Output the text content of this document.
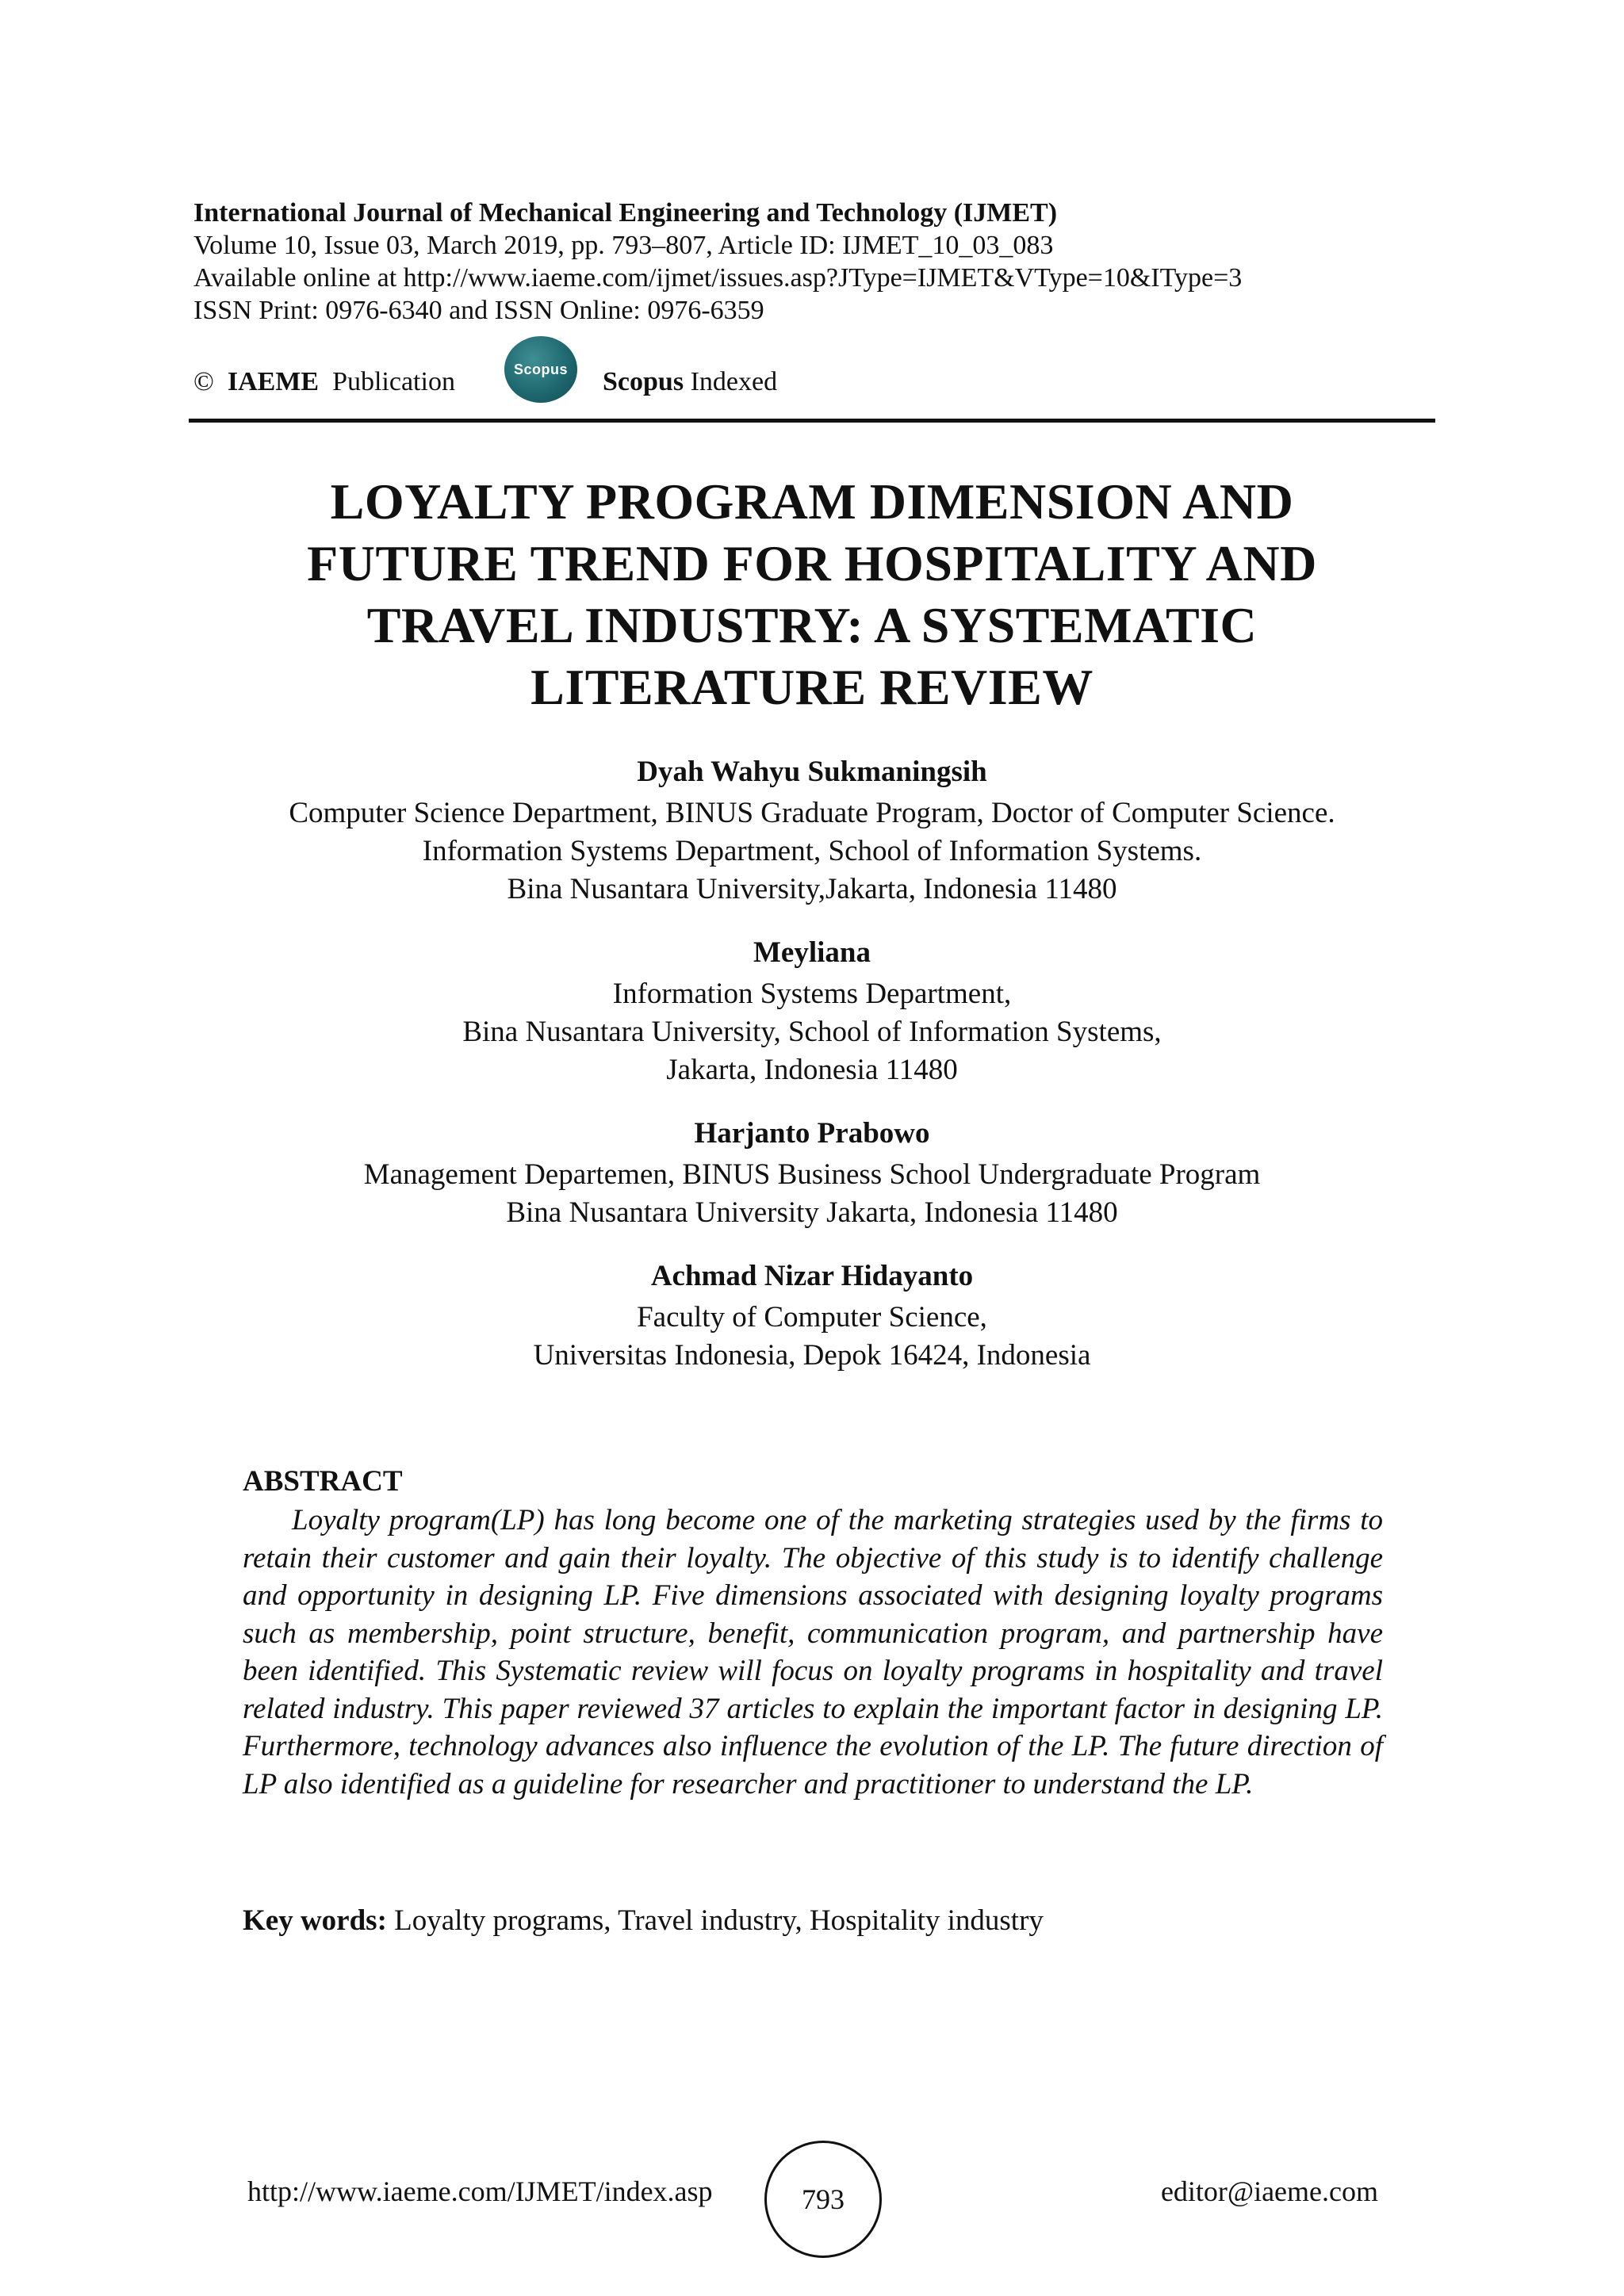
International Journal of Mechanical Engineering and Technology (IJMET)
Volume 10, Issue 03, March 2019, pp. 793–807, Article ID: IJMET_10_03_083
Available online at http://www.iaeme.com/ijmet/issues.asp?JType=IJMET&VType=10&IType=3
ISSN Print: 0976-6340 and ISSN Online: 0976-6359
© IAEME Publication	Scopus Scopus Indexed
LOYALTY PROGRAM DIMENSION AND
FUTURE TREND FOR HOSPITALITY AND
TRAVEL INDUSTRY: A SYSTEMATIC
LITERATURE REVIEW
Dyah Wahyu Sukmaningsih
Computer Science Department, BINUS Graduate Program, Doctor of Computer Science.
Information Systems Department, School of Information Systems.
Bina Nusantara University,Jakarta, Indonesia 11480
Meyliana
Information Systems Department,
Bina Nusantara University, School of Information Systems,
Jakarta, Indonesia 11480
Harjanto Prabowo
Management Departemen, BINUS Business School Undergraduate Program
Bina Nusantara University Jakarta, Indonesia 11480
Achmad Nizar Hidayanto
Faculty of Computer Science,
Universitas Indonesia, Depok 16424, Indonesia
ABSTRACT
Loyalty program(LP) has long become one of the marketing strategies used by the firms to retain their customer and gain their loyalty. The objective of this study is to identify challenge and opportunity in designing LP. Five dimensions associated with designing loyalty programs such as membership, point structure, benefit, communication program, and partnership have been identified. This Systematic review will focus on loyalty programs in hospitality and travel related industry. This paper reviewed 37 articles to explain the important factor in designing LP. Furthermore, technology advances also influence the evolution of the LP. The future direction of LP also identified as a guideline for researcher and practitioner to understand the LP.
Key words: Loyalty programs, Travel industry, Hospitality industry
http://www.iaeme.com/IJMET/index.asp	793	editor@iaeme.com
